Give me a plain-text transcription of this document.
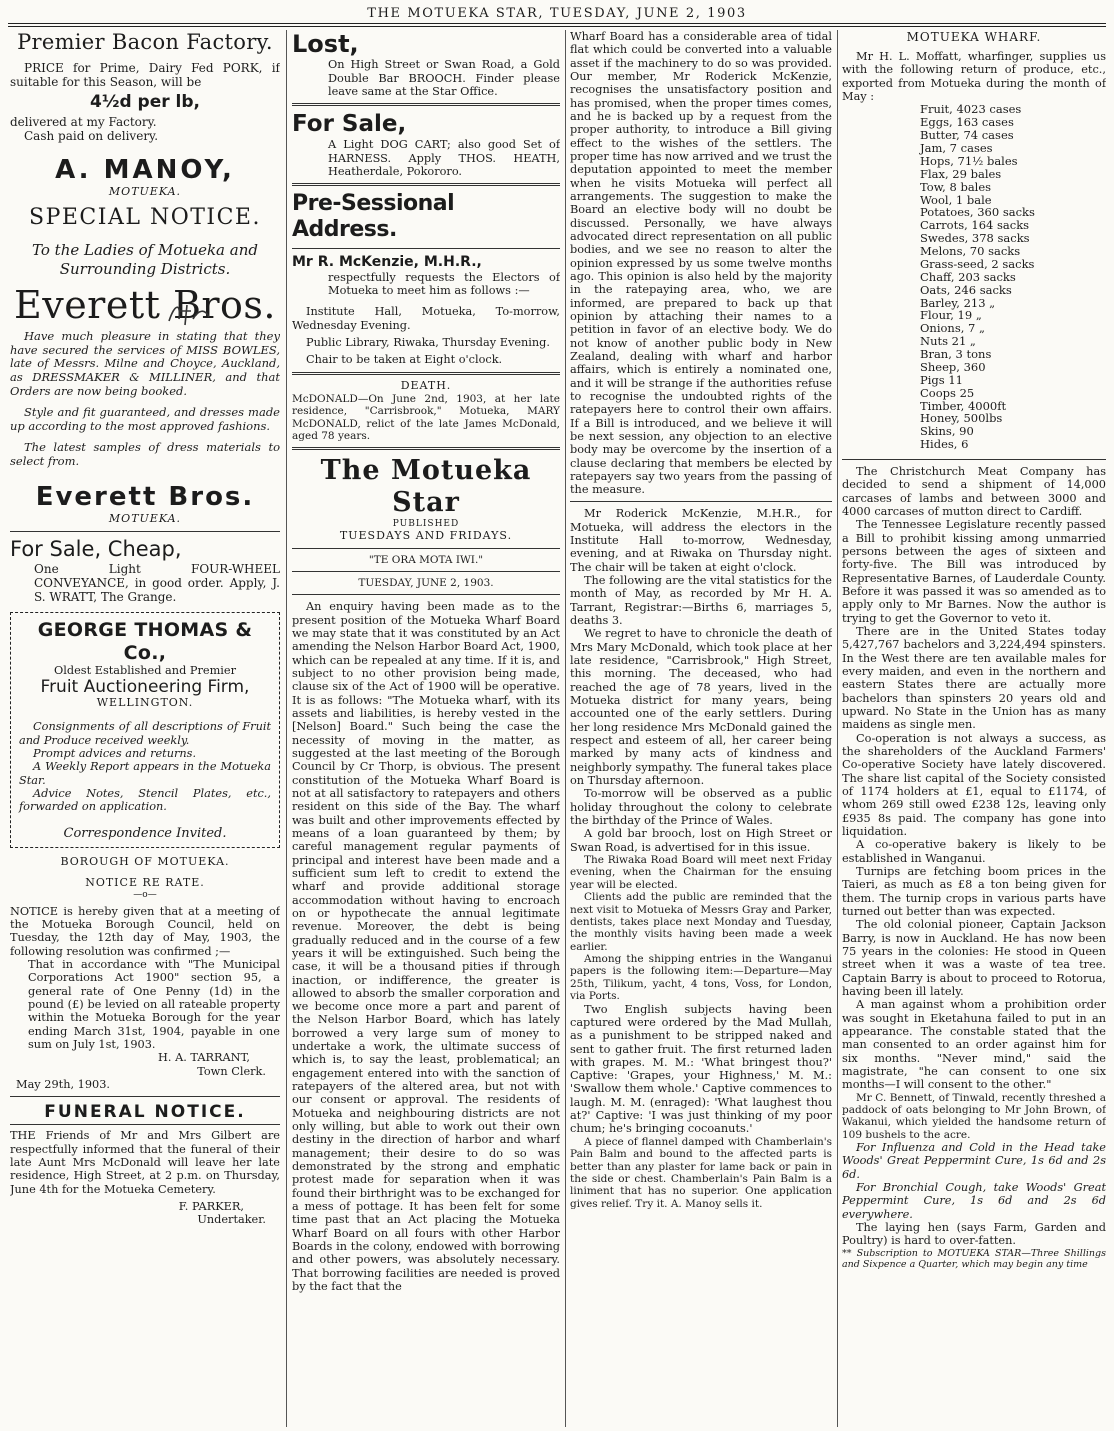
THE MOTUEKA STAR, TUESDAY, JUNE 2, 1903
Premier Bacon Factory.

PRICE for Prime, Dairy Fed PORK, if suitable for this Season, will be

4½d per lb,
delivered at my Factory.
Cash paid on delivery.
A. MANOY,
MOTUEKA.
SPECIAL NOTICE.
To the Ladies of Motueka and Surrounding Districts.
Everett Bros.

Have much pleasure in stating that they have secured the services of MISS BOWLES, late of Messrs. Milne and Choyce, Auckland, as DRESSMAKER & MILLINER, and that Orders are now being booked.

Style and fit guaranteed, and dresses made up according to the most approved fashions.

The latest samples of dress materials to select from.

Everett Bros.
MOTUEKA.
For Sale, Cheap,

One Light FOUR-WHEEL CONVEYANCE, in good order. Apply, J. S. WRATT, The Grange.

GEORGE THOMAS & Co.,
Oldest Established and Premier
Fruit Auctioneering Firm,
WELLINGTON.

Consignments of all descriptions of Fruit and Produce received weekly.

Prompt advices and returns.

A Weekly Report appears in the Motueka Star.

Advice Notes, Stencil Plates, etc., forwarded on application.

Correspondence Invited.
BOROUGH OF MOTUEKA.
NOTICE RE RATE.
—o—

NOTICE is hereby given that at a meeting of the Motueka Borough Council, held on Tuesday, the 12th day of May, 1903, the following resolution was confirmed ;—

That in accordance with "The Municipal Corporations Act 1900" section 95, a general rate of One Penny (1d) in the pound (£) be levied on all rateable property within the Motueka Borough for the year ending March 31st, 1904, payable in one sum on July 1st, 1903.

H. A. TARRANT,
Town Clerk.
May 29th, 1903.
FUNERAL NOTICE.

THE Friends of Mr and Mrs Gilbert are respectfully informed that the funeral of their late Aunt Mrs McDonald will leave her late residence, High Street, at 2 p.m. on Thursday, June 4th for the Motueka Cemetery.

F. PARKER,
Undertaker.
Lost,

On High Street or Swan Road, a Gold Double Bar BROOCH. Finder please leave same at the Star Office.

For Sale,

A Light DOG CART; also good Set of HARNESS. Apply THOS. HEATH, Heatherdale, Pokororo.

Pre-Sessional Address.
Mr R. McKenzie, M.H.R.,

respectfully requests the Electors of Motueka to meet him as follows :—

Institute Hall, Motueka, To-morrow, Wednesday Evening.

Public Library, Riwaka, Thursday Evening.

Chair to be taken at Eight o'clock.

DEATH.

McDONALD—On June 2nd, 1903, at her late residence, "Carrisbrook," Motueka, MARY McDONALD, relict of the late James McDonald, aged 78 years.

The Motueka Star
PUBLISHED
TUESDAYS AND FRIDAYS.
"TE ORA MOTA IWI."
TUESDAY, JUNE 2, 1903.

An enquiry having been made as to the present position of the Motueka Wharf Board we may state that it was constituted by an Act amending the Nelson Harbor Board Act, 1900, which can be repealed at any time. If it is, and subject to no other provision being made, clause six of the Act of 1900 will be operative. It is as follows: "The Motueka wharf, with its assets and liabilities, is hereby vested in the [Nelson] Board." Such being the case the necessity of moving in the matter, as suggested at the last meeting of the Borough Council by Cr Thorp, is obvious. The present constitution of the Motueka Wharf Board is not at all satisfactory to ratepayers and others resident on this side of the Bay. The wharf was built and other improvements effected by means of a loan guaranteed by them; by careful management regular payments of principal and interest have been made and a sufficient sum left to credit to extend the wharf and provide additional storage accommodation without having to encroach on or hypothecate the annual legitimate revenue. Moreover, the debt is being gradually reduced and in the course of a few years it will be extinguished. Such being the case, it will be a thousand pities if through inaction, or indifference, the greater is allowed to absorb the smaller corporation and we become once more a part and parent of the Nelson Harbor Board, which has lately borrowed a very large sum of money to undertake a work, the ultimate success of which is, to say the least, problematical; an engagement entered into with the sanction of ratepayers of the altered area, but not with our consent or approval. The residents of Motueka and neighbouring districts are not only willing, but able to work out their own destiny in the direction of harbor and wharf management; their desire to do so was demonstrated by the strong and emphatic protest made for separation when it was found their birthright was to be exchanged for a mess of pottage. It has been felt for some time past that an Act placing the Motueka Wharf Board on all fours with other Harbor Boards in the colony, endowed with borrowing and other powers, was absolutely necessary. That borrowing facilities are needed is proved by the fact that the

Wharf Board has a considerable area of tidal flat which could be converted into a valuable asset if the machinery to do so was provided. Our member, Mr Roderick McKenzie, recognises the unsatisfactory position and has promised, when the proper times comes, and he is backed up by a request from the proper authority, to introduce a Bill giving effect to the wishes of the settlers. The proper time has now arrived and we trust the deputation appointed to meet the member when he visits Motueka will perfect all arrangements. The suggestion to make the Board an elective body will no doubt be discussed. Personally, we have always advocated direct representation on all public bodies, and we see no reason to alter the opinion expressed by us some twelve months ago. This opinion is also held by the majority in the ratepaying area, who, we are informed, are prepared to back up that opinion by attaching their names to a petition in favor of an elective body. We do not know of another public body in New Zealand, dealing with wharf and harbor affairs, which is entirely a nominated one, and it will be strange if the authorities refuse to recognise the undoubted rights of the ratepayers here to control their own affairs. If a Bill is introduced, and we believe it will be next session, any objection to an elective body may be overcome by the insertion of a clause declaring that members be elected by ratepayers say two years from the passing of the measure.

Mr Roderick McKenzie, M.H.R., for Motueka, will address the electors in the Institute Hall to-morrow, Wednesday, evening, and at Riwaka on Thursday night. The chair will be taken at eight o'clock.

The following are the vital statistics for the month of May, as recorded by Mr H. A. Tarrant, Registrar:—Births 6, marriages 5, deaths 3.

We regret to have to chronicle the death of Mrs Mary McDonald, which took place at her late residence, "Carrisbrook," High Street, this morning. The deceased, who had reached the age of 78 years, lived in the Motueka district for many years, being accounted one of the early settlers. During her long residence Mrs McDonald gained the respect and esteem of all, her career being marked by many acts of kindness and neighborly sympathy. The funeral takes place on Thursday afternoon.

To-morrow will be observed as a public holiday throughout the colony to celebrate the birthday of the Prince of Wales.

A gold bar brooch, lost on High Street or Swan Road, is advertised for in this issue.

The Riwaka Road Board will meet next Friday evening, when the Chairman for the ensuing year will be elected.

Clients add the public are reminded that the next visit to Motueka of Messrs Gray and Parker, dentists, takes place next Monday and Tuesday, the monthly visits having been made a week earlier.

Among the shipping entries in the Wanganui papers is the following item:—Departure—May 25th, Tilikum, yacht, 4 tons, Voss, for London, via Ports.

Two English subjects having been captured were ordered by the Mad Mullah, as a punishment to be stripped naked and sent to gather fruit. The first returned laden with grapes. M. M.: 'What bringest thou?' Captive: 'Grapes, your Highness,' M. M.: 'Swallow them whole.' Captive commences to laugh. M. M. (enraged): 'What laughest thou at?' Captive: 'I was just thinking of my poor chum; he's bringing cocoanuts.'

A piece of flannel damped with Chamberlain's Pain Balm and bound to the affected parts is better than any plaster for lame back or pain in the side or chest. Chamberlain's Pain Balm is a liniment that has no superior. One application gives relief. Try it. A. Manoy sells it.

MOTUEKA WHARF.

Mr H. L. Moffatt, wharfinger, supplies us with the following return of produce, etc., exported from Motueka during the month of May :

Fruit, 4023 cases
Eggs, 163 cases
Butter, 74 cases
Jam, 7 cases
Hops, 71½ bales
Flax, 29 bales
Tow, 8 bales
Wool, 1 bale
Potatoes, 360 sacks
Carrots, 164 sacks
Swedes, 378 sacks
Melons, 70 sacks
Grass-seed, 2 sacks
Chaff, 203 sacks
Oats, 246 sacks
Barley, 213 „
Flour, 19 „
Onions, 7 „
Nuts 21 „
Bran, 3 tons
Sheep, 360
Pigs 11
Coops 25
Timber, 4000ft
Honey, 500lbs
Skins, 90
Hides, 6

The Christchurch Meat Company has decided to send a shipment of 14,000 carcases of lambs and between 3000 and 4000 carcases of mutton direct to Cardiff.

The Tennessee Legislature recently passed a Bill to prohibit kissing among unmarried persons between the ages of sixteen and forty-five. The Bill was introduced by Representative Barnes, of Lauderdale County. Before it was passed it was so amended as to apply only to Mr Barnes. Now the author is trying to get the Governor to veto it.

There are in the United States today 5,427,767 bachelors and 3,224,494 spinsters. In the West there are ten available males for every maiden, and even in the northern and eastern States there are actually more bachelors than spinsters 20 years old and upward. No State in the Union has as many maidens as single men.

Co-operation is not always a success, as the shareholders of the Auckland Farmers' Co-operative Society have lately discovered. The share list capital of the Society consisted of 1174 holders at £1, equal to £1174, of whom 269 still owed £238 12s, leaving only £935 8s paid. The company has gone into liquidation.

A co-operative bakery is likely to be established in Wanganui.

Turnips are fetching boom prices in the Taieri, as much as £8 a ton being given for them. The turnip crops in various parts have turned out better than was expected.

The old colonial pioneer, Captain Jackson Barry, is now in Auckland. He has now been 75 years in the colonies: He stood in Queen street when it was a waste of tea tree. Captain Barry is about to proceed to Rotorua, having been ill lately.

A man against whom a prohibition order was sought in Eketahuna failed to put in an appearance. The constable stated that the man consented to an order against him for six months. "Never mind," said the magistrate, "he can consent to one six months—I will consent to the other."

Mr C. Bennett, of Tinwald, recently threshed a paddock of oats belonging to Mr John Brown, of Wakanui, which yielded the handsome return of 109 bushels to the acre.

For Influenza and Cold in the Head take Woods' Great Peppermint Cure, 1s 6d and 2s 6d.

For Bronchial Cough, take Woods' Great Peppermint Cure, 1s 6d and 2s 6d everywhere.

The laying hen (says Farm, Garden and Poultry) is hard to over-fatten.

** Subscription to MOTUEKA STAR—Three Shillings and Sixpence a Quarter, which may begin any time
